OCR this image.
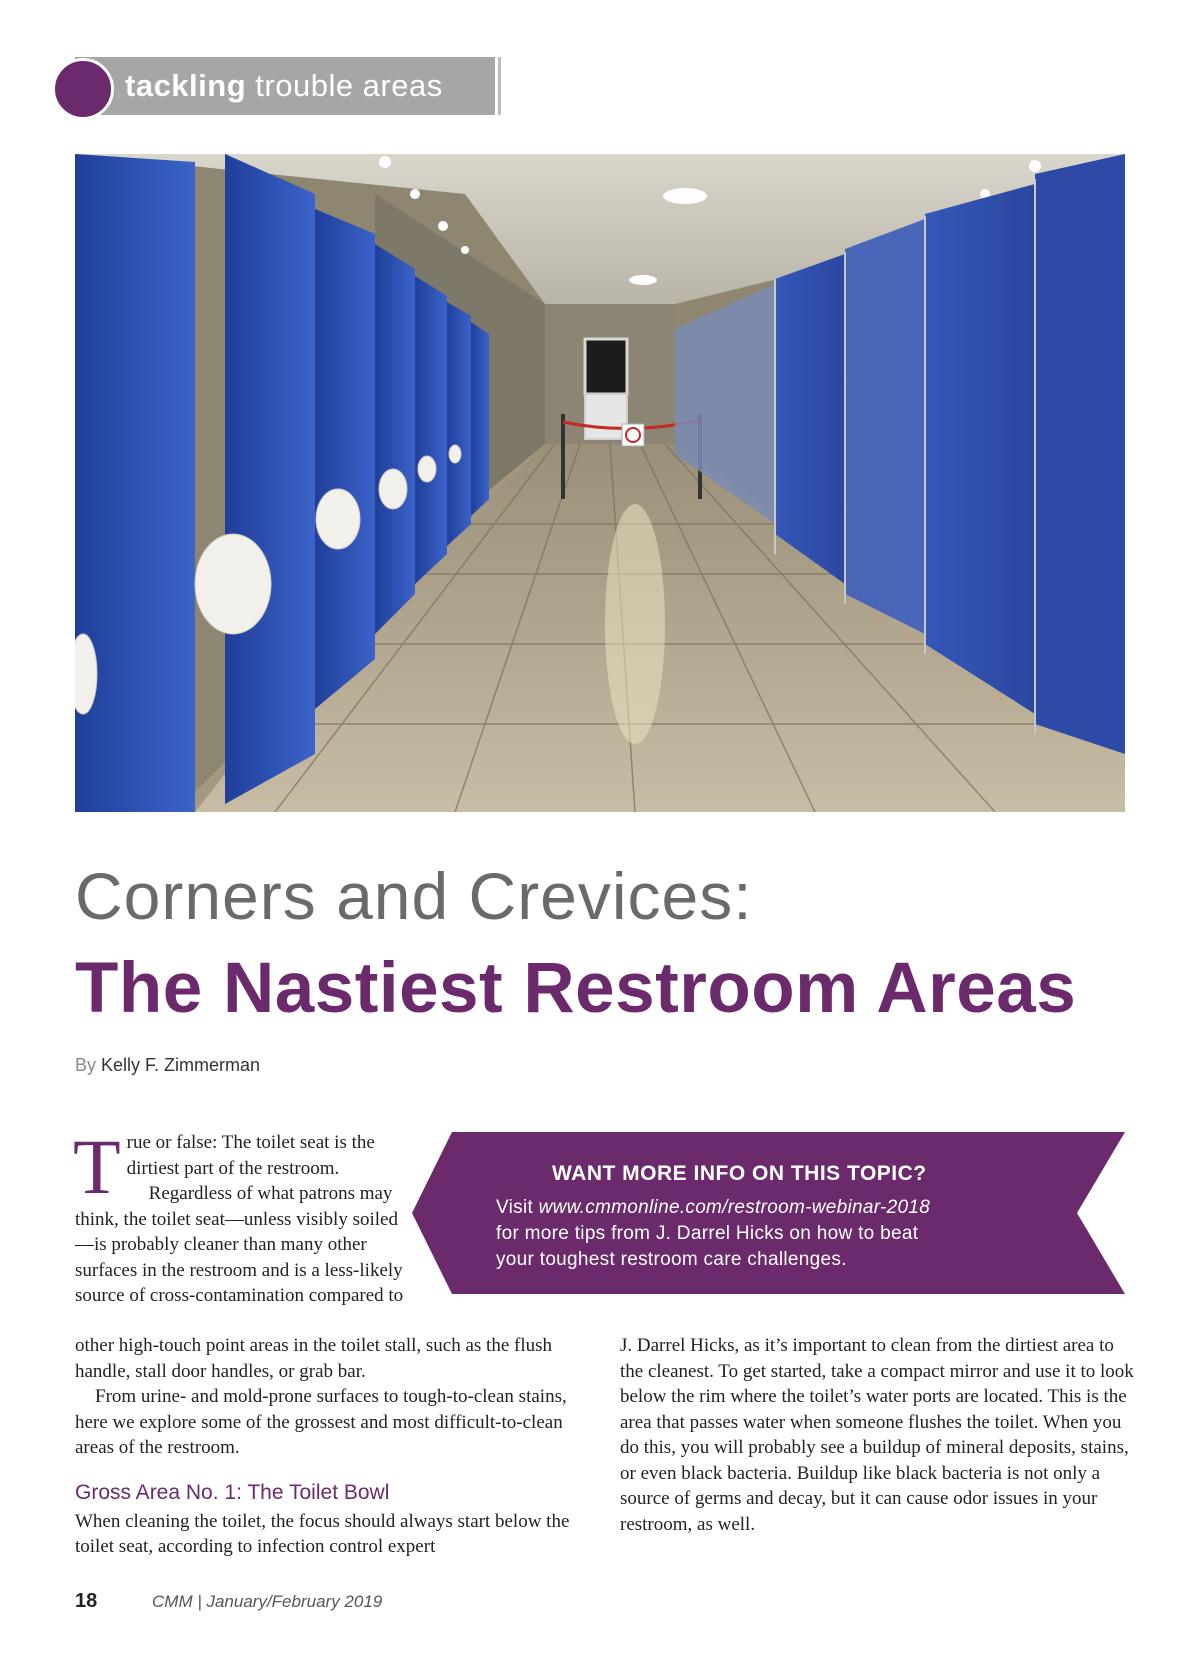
tackling trouble areas
Corners and Crevices:
The Nastiest Restroom Areas
By Kelly F. Zimmerman
True or false: The toilet seat is the dirtiest part of the restroom.
Regardless of what patrons may think, the toilet seat—unless visibly soiled—is probably cleaner than many other surfaces in the restroom and is a less-likely source of cross-contamination compared to
WANT MORE INFO ON THIS TOPIC?
Visit www.cmmonline.com/restroom-webinar-2018
for more tips from J. Darrel Hicks on how to beat
your toughest restroom care challenges.

other high-touch point areas in the toilet stall, such as the flush handle, stall door handles, or grab bar.

From urine- and mold-prone surfaces to tough-to-clean stains, here we explore some of the grossest and most difficult-to-clean areas of the restroom.

Gross Area No. 1: The Toilet Bowl

When cleaning the toilet, the focus should always start below the toilet seat, according to infection control expert

J. Darrel Hicks, as it’s important to clean from the dirtiest area to the cleanest. To get started, take a compact mirror and use it to look below the rim where the toilet’s water ports are located. This is the area that passes water when someone flushes the toilet. When you do this, you will probably see a buildup of mineral deposits, stains, or even black bacteria. Buildup like black bacteria is not only a source of germs and decay, but it can cause odor issues in your restroom, as well.

18	CMM | January/February 2019
